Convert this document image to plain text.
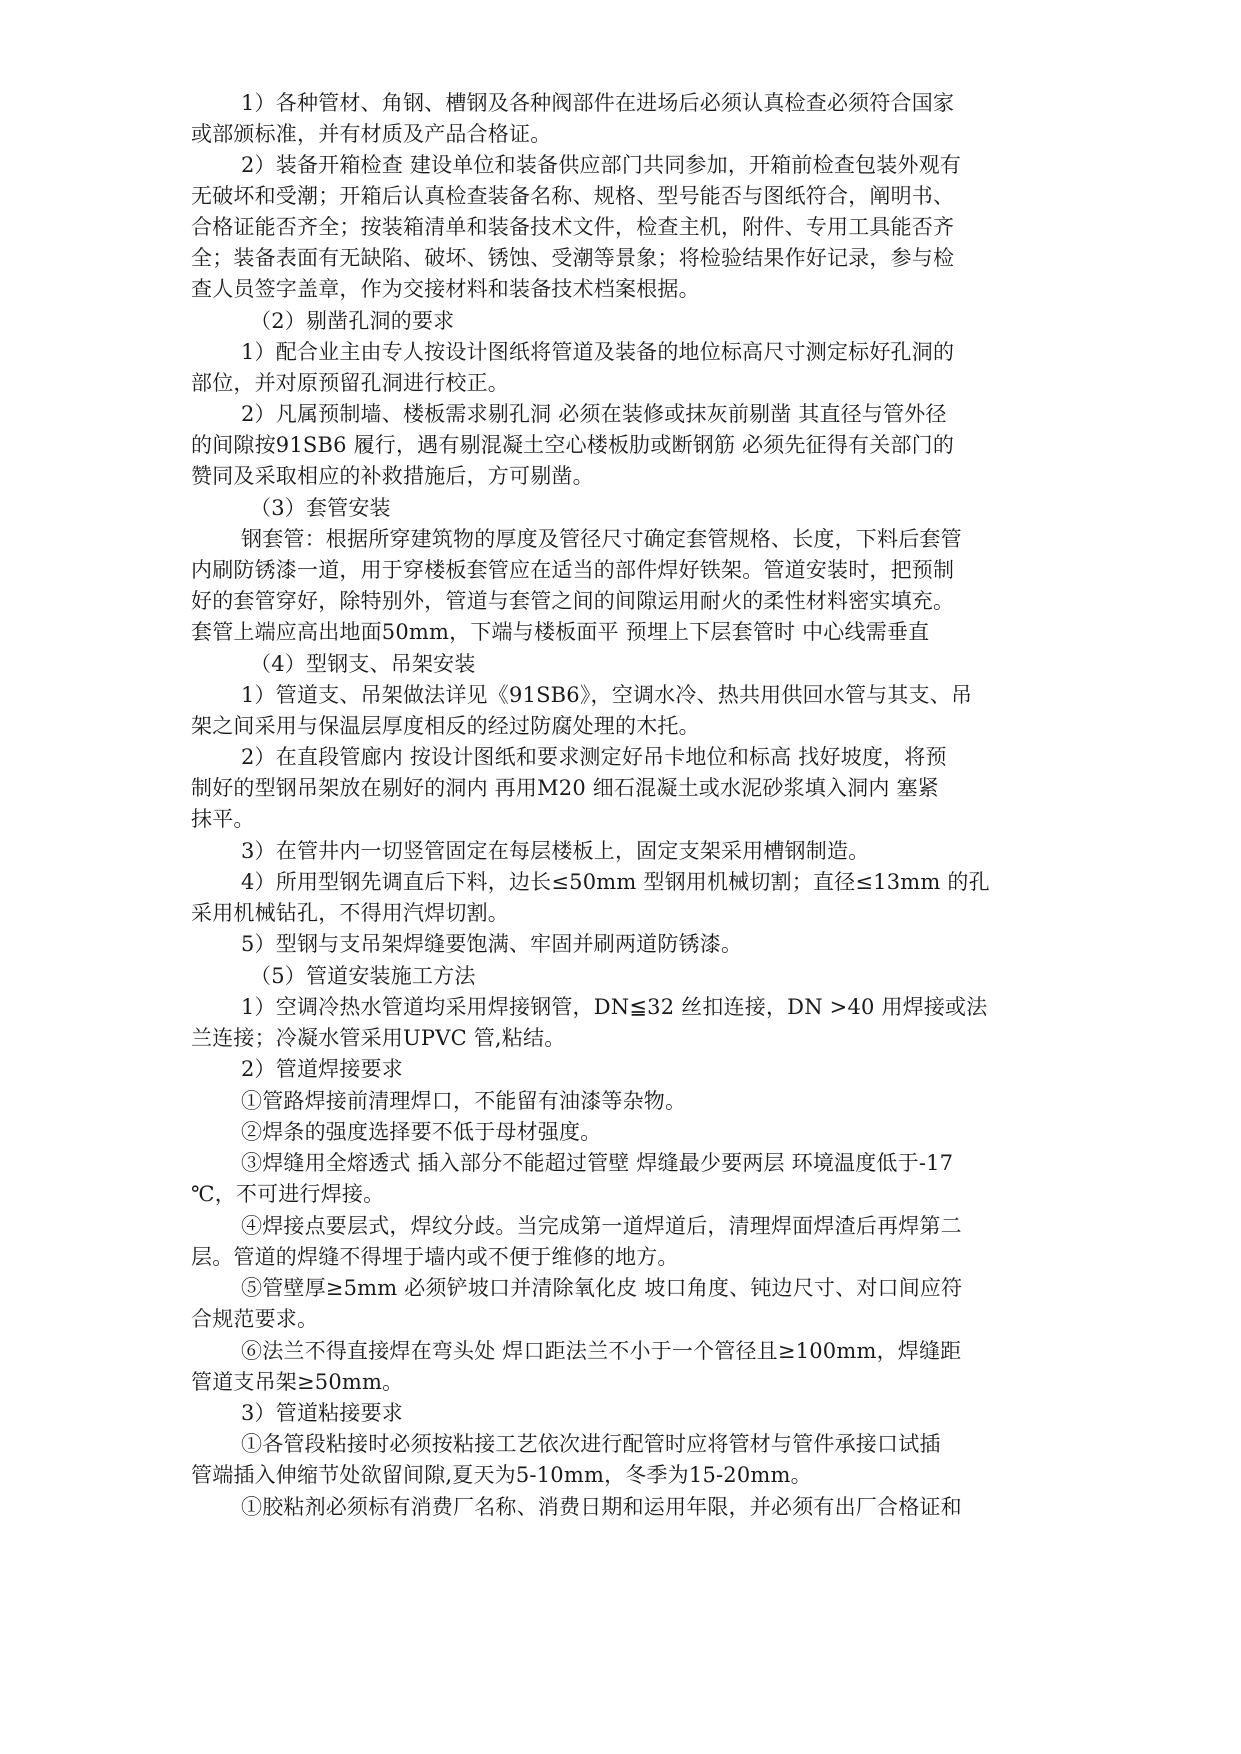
1）各种管材、角钢、槽钢及各种阀部件在进场后必须认真检查必须符合国家
或部颁标准，并有材质及产品合格证。
2）装备开箱检查 建设单位和装备供应部门共同参加，开箱前检查包装外观有
无破坏和受潮；开箱后认真检查装备名称、规格、型号能否与图纸符合，阐明书、
合格证能否齐全；按装箱清单和装备技术文件，检查主机，附件、专用工具能否齐
全；装备表面有无缺陷、破坏、锈蚀、受潮等景象；将检验结果作好记录，参与检
查人员签字盖章，作为交接材料和装备技术档案根据。
（2）剔凿孔洞的要求
1）配合业主由专人按设计图纸将管道及装备的地位标高尺寸测定标好孔洞的
部位，并对原预留孔洞进行校正。
2）凡属预制墙、楼板需求剔孔洞 必须在装修或抹灰前剔凿 其直径与管外径
的间隙按91SB6 履行，遇有剔混凝土空心楼板肋或断钢筋 必须先征得有关部门的
赞同及采取相应的补救措施后，方可剔凿。
（3）套管安装
钢套管：根据所穿建筑物的厚度及管径尺寸确定套管规格、长度，下料后套管
内刷防锈漆一道，用于穿楼板套管应在适当的部件焊好铁架。管道安装时，把预制
好的套管穿好，除特别外，管道与套管之间的间隙运用耐火的柔性材料密实填充。
套管上端应高出地面50mm，下端与楼板面平 预埋上下层套管时 中心线需垂直
（4）型钢支、吊架安装
1）管道支、吊架做法详见《91SB6》，空调水冷、热共用供回水管与其支、吊
架之间采用与保温层厚度相反的经过防腐处理的木托。
2）在直段管廊内 按设计图纸和要求测定好吊卡地位和标高 找好坡度，将预
制好的型钢吊架放在剔好的洞内 再用M20 细石混凝土或水泥砂浆填入洞内 塞紧
抹平。
3）在管井内一切竖管固定在每层楼板上，固定支架采用槽钢制造。
4）所用型钢先调直后下料，边长≤50mm 型钢用机械切割；直径≤13mm 的孔
采用机械钻孔，不得用汽焊切割。
5）型钢与支吊架焊缝要饱满、牢固并刷两道防锈漆。
（5）管道安装施工方法
1）空调冷热水管道均采用焊接钢管，DN≦32 丝扣连接，DN >40 用焊接或法
兰连接；冷凝水管采用UPVC 管,粘结。
2）管道焊接要求
①管路焊接前清理焊口，不能留有油漆等杂物。
②焊条的强度选择要不低于母材强度。
③焊缝用全熔透式 插入部分不能超过管壁 焊缝最少要两层 环境温度低于-17
℃，不可进行焊接。
④焊接点要层式，焊纹分歧。当完成第一道焊道后，清理焊面焊渣后再焊第二
层。管道的焊缝不得埋于墙内或不便于维修的地方。
⑤管壁厚≥5mm 必须铲坡口并清除氧化皮 坡口角度、钝边尺寸、对口间应符
合规范要求。
⑥法兰不得直接焊在弯头处 焊口距法兰不小于一个管径且≥100mm，焊缝距
管道支吊架≥50mm。
3）管道粘接要求
①各管段粘接时必须按粘接工艺依次进行配管时应将管材与管件承接口试插
管端插入伸缩节处欲留间隙,夏天为5-10mm，冬季为15-20mm。
①胶粘剂必须标有消费厂名称、消费日期和运用年限，并必须有出厂合格证和
